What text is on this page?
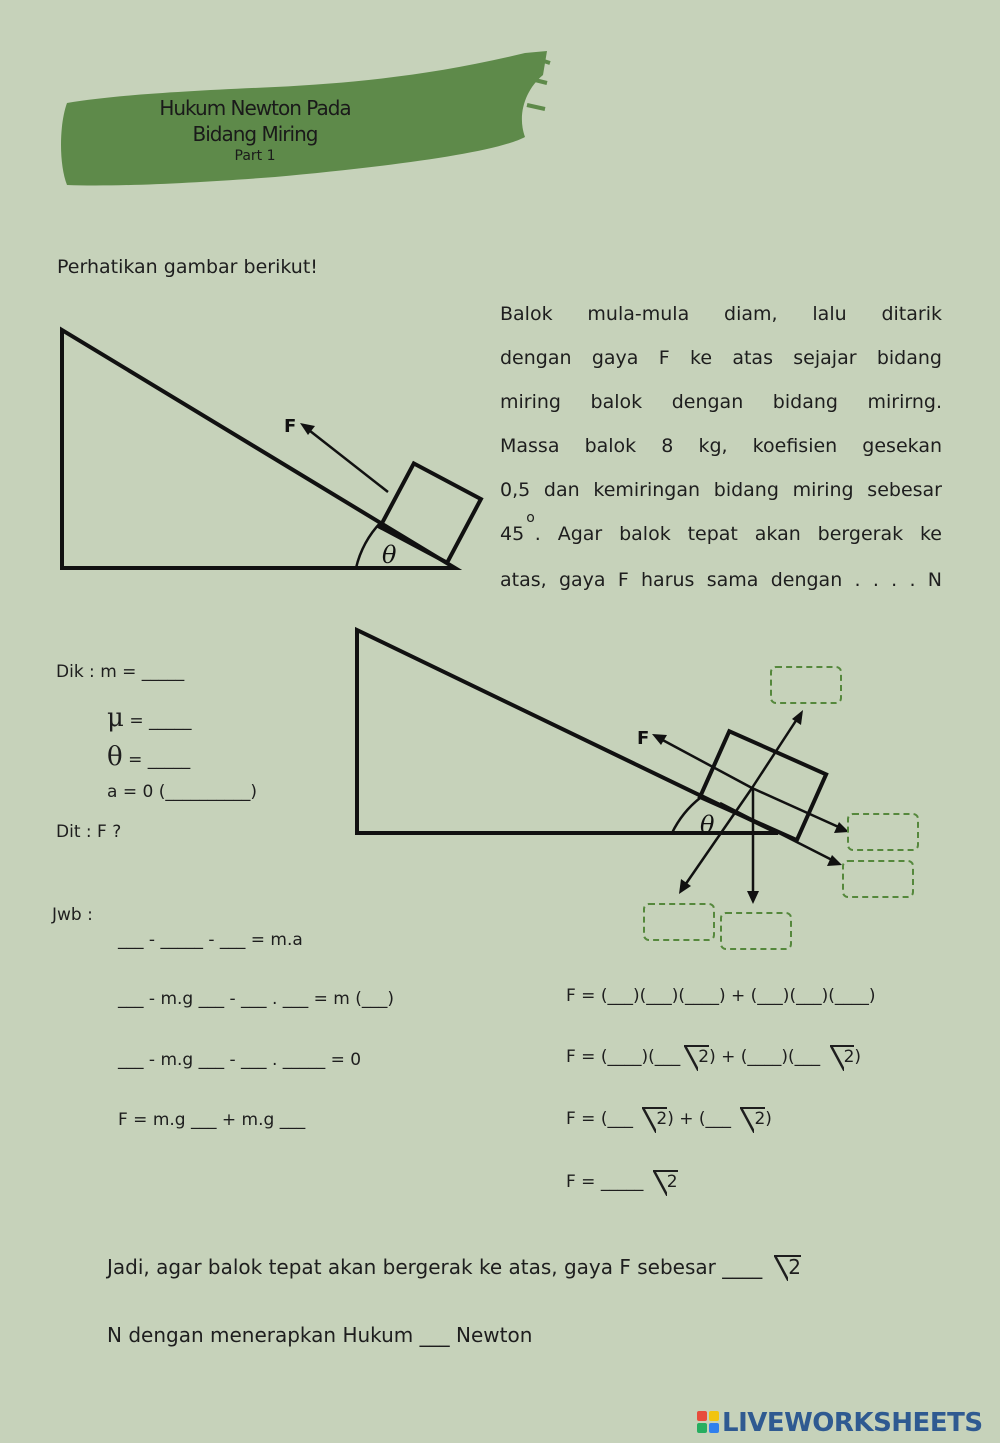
Hukum Newton Pada
Bidang Miring
Part 1
Perhatikan gambar berikut!
F
θ
Balok mula-mula diam, lalu ditarik
dengan gaya F ke atas sejajar bidang
miring balok dengan bidang mirirng.
Massa balok 8 kg, koefisien gesekan
0,5 dan kemiringan bidang miring sebesar
45$^o$. Agar balok tepat akan bergerak ke
atas, gaya F harus sama dengan . . . . N
F
θ
Dik : m = _____
μ = _____
θ = _____
a = 0 (__________)
Dit : F ?
Jwb :
___ - _____ - ___ = m.a
___ - m.g ___ - ___ . ___ = m (___)
___ - m.g ___ - ___ . _____ = 0
F = m.g ___ + m.g ___
F = (___)(___)(____) + (___)(___)(____)
F = (____)(___ 2) + (____)(___ 2)
F = (___ 2) + (___ 2)
F = _____ 2
Jadi, agar balok tepat akan bergerak ke atas, gaya F sebesar ____ 2
N dengan menerapkan Hukum ___ Newton
LIVEWORKSHEETS
